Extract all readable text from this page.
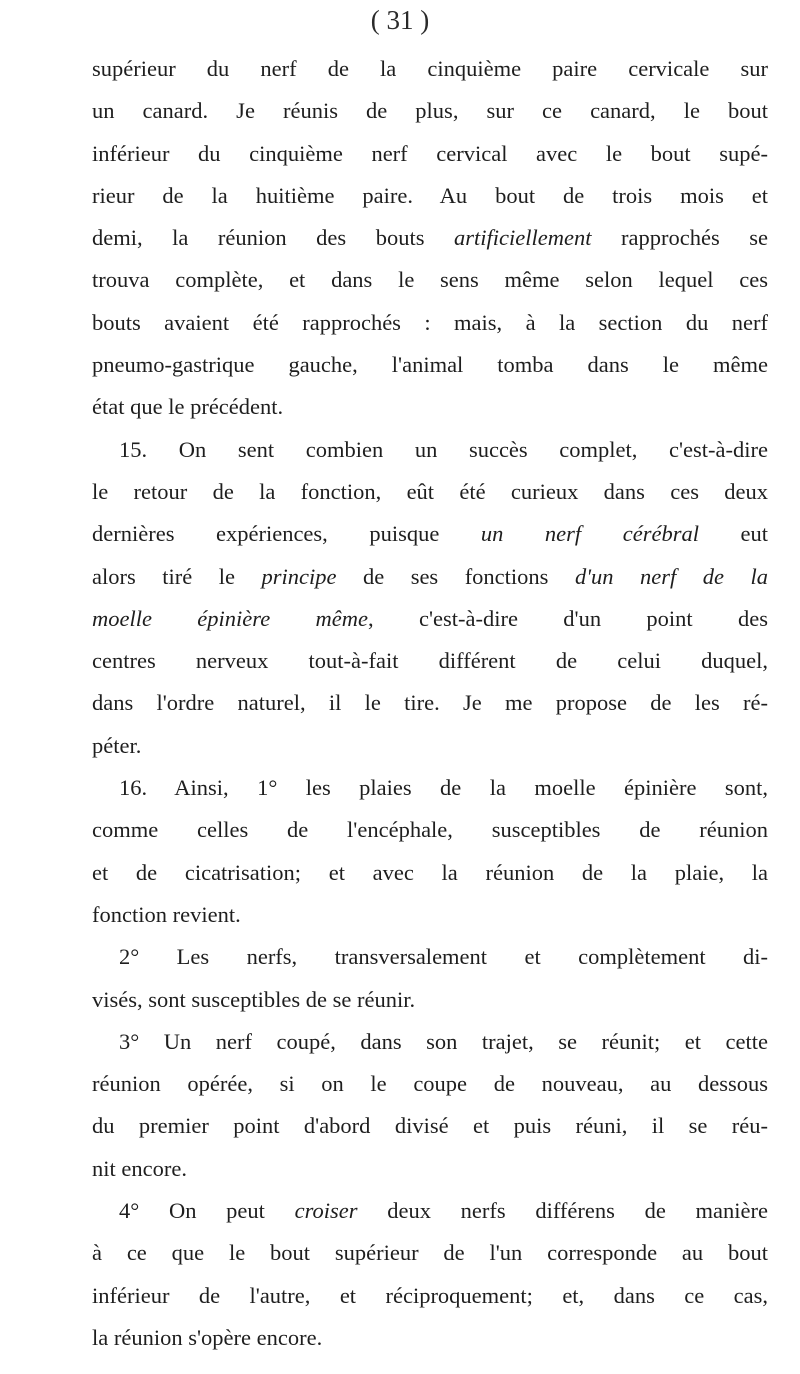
( 31 )
supérieur du nerf de la cinquième paire cervicale sur
un canard. Je réunis de plus, sur ce canard, le bout
inférieur du cinquième nerf cervical avec le bout supé-
rieur de la huitième paire. Au bout de trois mois et
demi, la réunion des bouts artificiellement rapprochés se
trouva complète, et dans le sens même selon lequel ces
bouts avaient été rapprochés : mais, à la section du nerf
pneumo-gastrique gauche, l'animal tomba dans le même
état que le précédent.
15. On sent combien un succès complet, c'est-à-dire
le retour de la fonction, eût été curieux dans ces deux
dernières expériences, puisque un nerf cérébral eut
alors tiré le principe de ses fonctions d'un nerf de la
moelle épinière même, c'est-à-dire d'un point des
centres nerveux tout-à-fait différent de celui duquel,
dans l'ordre naturel, il le tire. Je me propose de les ré-
péter.
16. Ainsi, 1° les plaies de la moelle épinière sont,
comme celles de l'encéphale, susceptibles de réunion
et de cicatrisation; et avec la réunion de la plaie, la
fonction revient.
2° Les nerfs, transversalement et complètement di-
visés, sont susceptibles de se réunir.
3° Un nerf coupé, dans son trajet, se réunit; et cette
réunion opérée, si on le coupe de nouveau, au dessous
du premier point d'abord divisé et puis réuni, il se réu-
nit encore.
4° On peut croiser deux nerfs différens de manière
à ce que le bout supérieur de l'un corresponde au bout
inférieur de l'autre, et réciproquement; et, dans ce cas,
la réunion s'opère encore.
